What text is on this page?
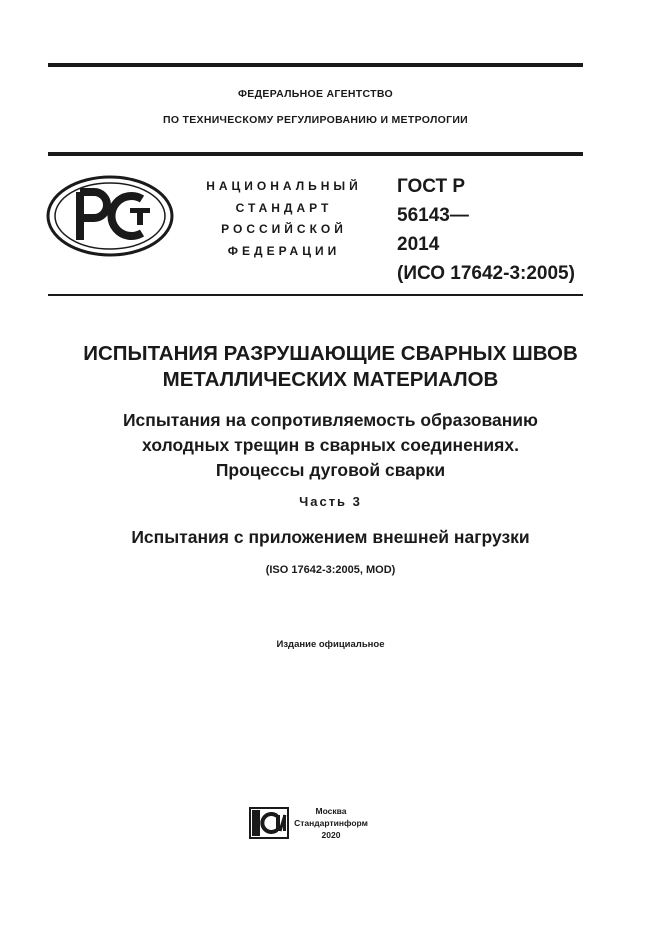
ФЕДЕРАЛЬНОЕ АГЕНТСТВО
ПО ТЕХНИЧЕСКОМУ РЕГУЛИРОВАНИЮ И МЕТРОЛОГИИ
НАЦИОНАЛЬНЫЙ
СТАНДАРТ
РОССИЙСКОЙ
ФЕДЕРАЦИИ
ГОСТ Р
56143—
2014
(ИСО 17642-3:2005)
ИСПЫТАНИЯ РАЗРУШАЮЩИЕ СВАРНЫХ ШВОВ
МЕТАЛЛИЧЕСКИХ МАТЕРИАЛОВ
Испытания на сопротивляемость образованию
холодных трещин в сварных соединениях.
Процессы дуговой сварки
Часть 3
Испытания с приложением внешней нагрузки
(ISO 17642-3:2005, MOD)
Издание официальное
Москва
Стандартинформ
2020
